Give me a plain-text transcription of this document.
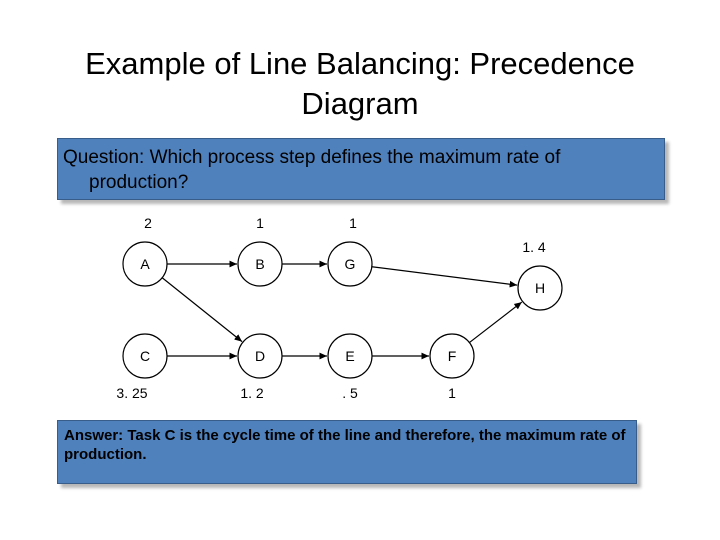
Example of Line Balancing: Precedence
Diagram
Question: Which process step defines the maximum rate of
production?
A	B	G
H
C	D	E	F
2	1	1
1. 4
3. 25	1. 2	. 5	1
Answer: Task C is the cycle time of the line and therefore, the maximum rate of production.
